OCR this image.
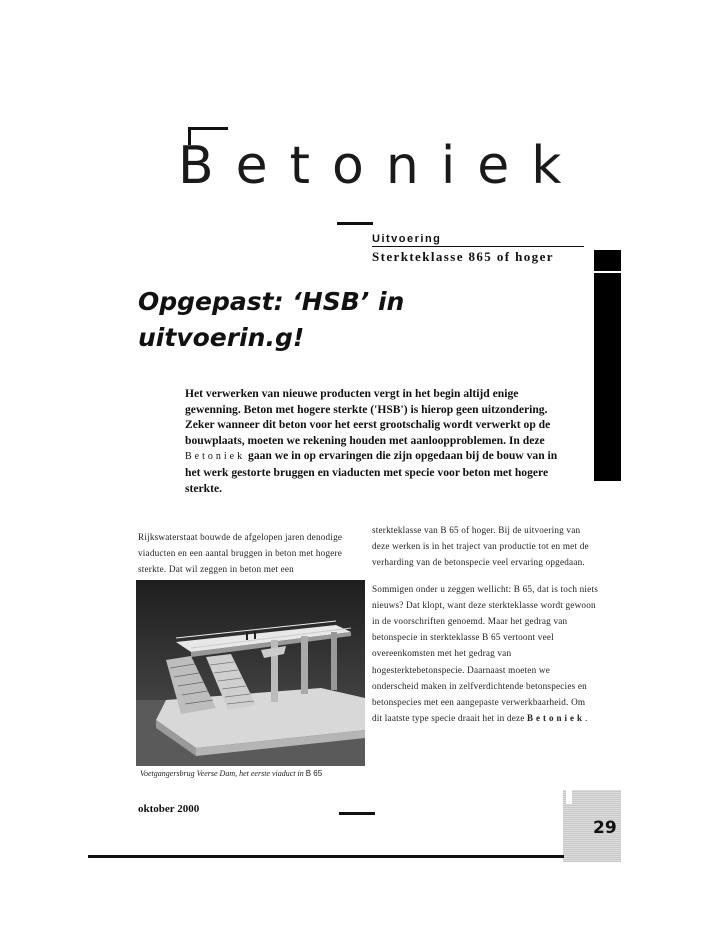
Betoniek
Uitvoering
Sterkteklasse 865 of hoger
Opgepast: ‘HSB’ in
uitvoerin.g!
Het verwerken van nieuwe producten vergt in het begin altijd enige gewenning. Beton met hogere sterkte ('HSB') is hierop geen uitzondering. Zeker wanneer dit beton voor het eerst grootschalig wordt verwerkt op de bouwplaats, moeten we rekening houden met aanloopproblemen. In deze Betoniek gaan we in op ervaringen die zijn opgedaan bij de bouw van in het werk gestorte bruggen en viaducten met specie voor beton met hogere sterkte.

Rijkswaterstaat bouwde de afgelopen jaren denodige viaducten en een aantal bruggen in beton met hogere sterkte. Dat wil zeggen in beton met een

Voetgangersbrug Veerse Dam, het eerste viaduct in B 65

sterkteklasse van B 65 of hoger. Bij de uitvoering van deze werken is in het traject van productie tot en met de verharding van de betonspecie veel ervaring opgedaan.

Sommigen onder u zeggen wellicht: B 65, dat is toch niets nieuws? Dat klopt, want deze sterkteklasse wordt gewoon in de voorschriften genoemd. Maar het gedrag van betonspecie in sterkteklasse B 65 vertoont veel overeenkomsten met het gedrag van hogesterktebetonspecie. Daarnaast moeten we onderscheid maken in zelfverdichtende betonspecies en betonspecies met een aangepaste verwerkbaarheid. Om dit laatste type specie draait het in deze Betoniek.

oktober 2000
29
